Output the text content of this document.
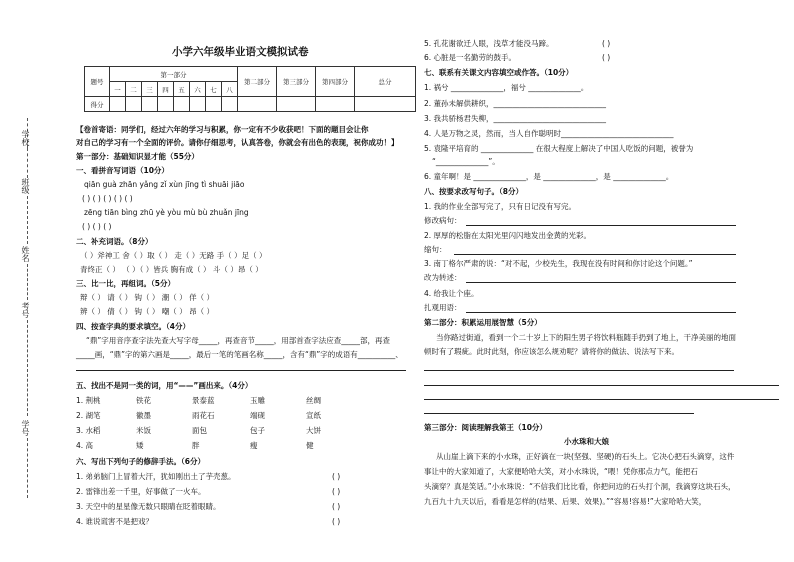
学校
班级
姓名
考号
学号
小学六年级毕业语文模拟试卷
题号	第一部分								第二部分	第三部分	第四部分	总分
	一	二	三	四	五	六	七	八				
得分												
【卷首寄语：同学们，经过六年的学习与积累，你一定有不少收获吧！下面的题目会让你
对自己的学习有一个全面的评价。请你仔细思考，认真答卷，你就会有出色的表现，祝你成功！】
第一部分：基础知识显才能（55分）
一、看拼音写词语（10分）
qiān guà zhān yǎng zǐ xùn jīng tì shuāi jiāo
( ) ( ) ( ) ( ) ( )
zēng tiān bìng zhū yè yòu mù bù zhuǎn jīng
( ) ( ) ( )
二、补充词语。（8分）
（ ）斧神工 舍（ ）取（ ） 走（ ）无路 手（ ）足（ ）
青终正（ ） （ ）（ ）皆兵 胸有成（ ） 斗（ ）昂（ ）
三、比一比，再组词。（5分）
辩（ ） 请（ ） 钩（ ） 潮（ ） 佯（ ）
辨（ ） 倩（ ） 钩（ ） 嘲（ ） 昂（ ）
四、按查字典的要求填空。（4分）
“鼎”字用音序查字法先查大写字母_____，再查音节_____，用部首查字法应查_____部，再查
_____画，“鼎”字的第六画是_____，最后一笔的笔画名称_____，含有“鼎”字的成语有__________、
五、找出不是同一类的词，用“——”画出来。（4分）
1. 荆桃	铁花	景泰蓝	玉雕	丝绸
2. 湖笔	徽墨	雨花石	端砚	宣纸
3. 水稻	米饭	面包	包子	大饼
4. 高	矮	胖	瘦	健
六、写出下列句子的修辞手法。（6分）
1. 弟弟脑门上冒着大汗，犹如刚出土了芋壳葱。	( )
2. 雷锋出差一千里，好事做了一火车。	( )
3. 天空中的星星像无数只眼睛在眨着眼睛。	( )
4. 谁说谎害不是把戏？	( )
5. 孔花谢欲迁人眼，浅草才能没马蹄。	( )
6. 心脏是一名勤劳的鼓手。	( )
七、联系有关课文内容填空或作答。（10分）
1. 祸兮 ______________，福兮 ______________。
2. 董孙未解供耕织，______________________________
3. 我共骄杨君失柳，______________________________
4. 人是万物之灵，然而，当人自作聪明时______________________________
5. 袁隆平培育的 ______________ 在很大程度上解决了中国人吃饭的问题，被誉为
“______________”。
6. 童年啊！是 ______________，是 ______________，是 ______________。
八、按要求改写句子。（8分）
1. 我的作业全部写完了，只有日记没有写完。
修改病句：
2. 厚厚的松脂在太阳光里闪闪地发出金黄的光彩。
缩句：
3. 南丁格尔严肃的说：“对不起，少校先生，我现在没有时间和你讨论这个问题。”
改为转述：
4. 给我让个座。
扎观用语：
第二部分：积累运用展智慧（5分）
当你路过街道，看到一个二十岁上下的阳生男子将饮料瓶随手扔到了地上，干净美丽的地面
顿时有了瑕疵。此时此刻，你应该怎么规劝呢？请将你的做法、说法写下来。
第三部分：阅读理解我第王（10分）
小水珠和大娘
从山崖上滴下来的小水珠，正好滴在一块(坚强、坚硬)的石头上。它决心把石头滴穿，这件
事让中的大家知道了，大家便哈哈大笑，对小水珠说，“喂！凭你那点力气，能把石
头滴穿？真是笑话。”小水珠说：“不信我们比比看，你把问边的石头打个洞，我滴穿这块石头，
九百九十九天以后，看看是怎样的(结果、后果、效果)。”“容易!容易!”大家哈哈大笑，
